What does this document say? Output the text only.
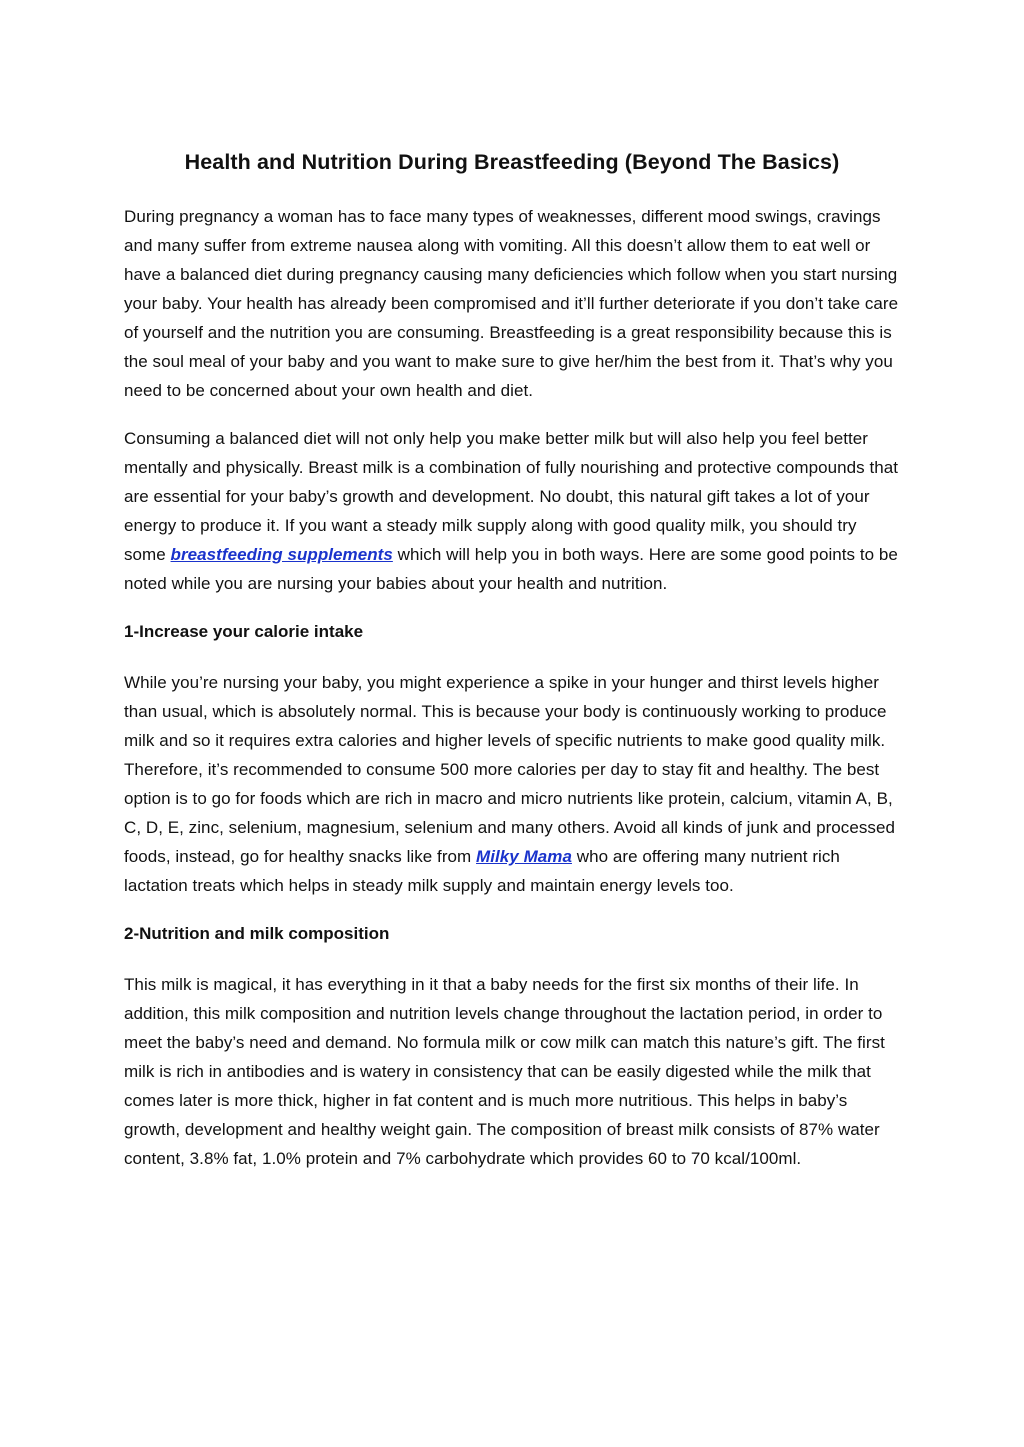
Health and Nutrition During Breastfeeding (Beyond The Basics)

During pregnancy a woman has to face many types of weaknesses, different mood swings, cravings and many suffer from extreme nausea along with vomiting. All this doesn’t allow them to eat well or have a balanced diet during pregnancy causing many deficiencies which follow when you start nursing your baby. Your health has already been compromised and it’ll further deteriorate if you don’t take care of yourself and the nutrition you are consuming. Breastfeeding is a great responsibility because this is the soul meal of your baby and you want to make sure to give her/him the best from it. That’s why you need to be concerned about your own health and diet.

Consuming a balanced diet will not only help you make better milk but will also help you feel better mentally and physically. Breast milk is a combination of fully nourishing and protective compounds that are essential for your baby’s growth and development. No doubt, this natural gift takes a lot of your energy to produce it. If you want a steady milk supply along with good quality milk, you should try some breastfeeding supplements which will help you in both ways. Here are some good points to be noted while you are nursing your babies about your health and nutrition.

1-Increase your calorie intake

While you’re nursing your baby, you might experience a spike in your hunger and thirst levels higher than usual, which is absolutely normal. This is because your body is continuously working to produce milk and so it requires extra calories and higher levels of specific nutrients to make good quality milk. Therefore, it’s recommended to consume 500 more calories per day to stay fit and healthy. The best option is to go for foods which are rich in macro and micro nutrients like protein, calcium, vitamin A, B, C, D, E, zinc, selenium, magnesium, selenium and many others. Avoid all kinds of junk and processed foods, instead, go for healthy snacks like from Milky Mama who are offering many nutrient rich lactation treats which helps in steady milk supply and maintain energy levels too.

2-Nutrition and milk composition

This milk is magical, it has everything in it that a baby needs for the first six months of their life. In addition, this milk composition and nutrition levels change throughout the lactation period, in order to meet the baby’s need and demand. No formula milk or cow milk can match this nature’s gift. The first milk is rich in antibodies and is watery in consistency that can be easily digested while the milk that comes later is more thick, higher in fat content and is much more nutritious. This helps in baby’s growth, development and healthy weight gain. The composition of breast milk consists of 87% water content, 3.8% fat, 1.0% protein and 7% carbohydrate which provides 60 to 70 kcal/100ml.
